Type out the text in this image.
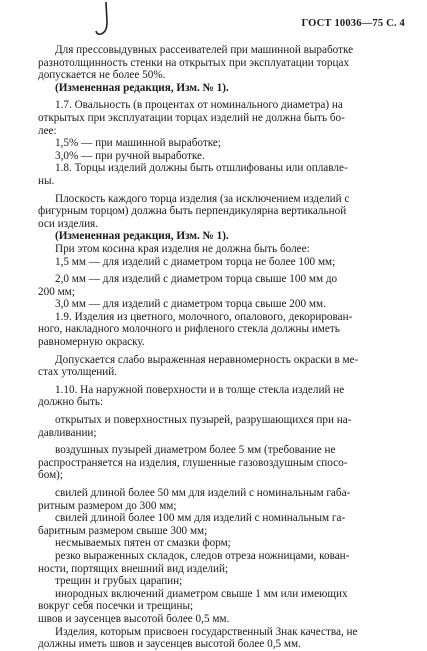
ГОСТ 10036—75 С. 4

Для прессовыдувных рассеивателей при машинной выработке

разнотолщинность стенки на открытых при эксплуатации торцах

допускается не более 50%.

(Измененная редакция, Изм. № 1).

1.7. Овальность (в процентах от номинального диаметра) на

открытых при эксплуатации торцах изделий не должна быть бо-

лее:

1,5% — при машинной выработке;

3,0% — при ручной выработке.

1.8. Торцы изделий должны быть отшлифованы или оплавле-

ны.

Плоскость каждого торца изделия (за исключением изделий с

фигурным торцом) должна быть перпендикулярна вертикальной

оси изделия.

(Измененная редакция, Изм. № 1).

При этом косина края изделия не должна быть более:

1,5 мм — для изделий с диаметром торца не более 100 мм;

2,0 мм — для изделий с диаметром торца свыше 100 мм до

200 мм;

3,0 мм — для изделий с диаметром торца свыше 200 мм.

1.9. Изделия из цветного, молочного, опалового, декорирован-

ного, накладного молочного и рифленого стекла должны иметь

равномерную окраску.

Допускается слабо выраженная неравномерность окраски в ме-

стах утолщений.

1.10. На наружной поверхности и в толще стекла изделий не

должно быть:

открытых и поверхностных пузырей, разрушающихся при на-

давливании;

воздушных пузырей диаметром более 5 мм (требование не

распространяется на изделия, глушенные газовоздушным спосо-

бом);

свилей длиной более 50 мм для изделий с номинальным габа-

ритным размером до 300 мм;

свилей длиной более 100 мм для изделий с номинальным га-

баритным размером свыше 300 мм;

несмываемых пятен от смазки форм;

резко выраженных складок, следов отреза ножницами, кован-

ности, портящих внешний вид изделий;

трещин и грубых царапин;

инородных включений диаметром свыше 1 мм или имеющих

вокруг себя посечки и трещины;

швов и заусенцев высотой более 0,5 мм.

Изделия, которым присвоен государственный Знак качества, не

должны иметь швов и заусенцев высотой более 0,5 мм.
